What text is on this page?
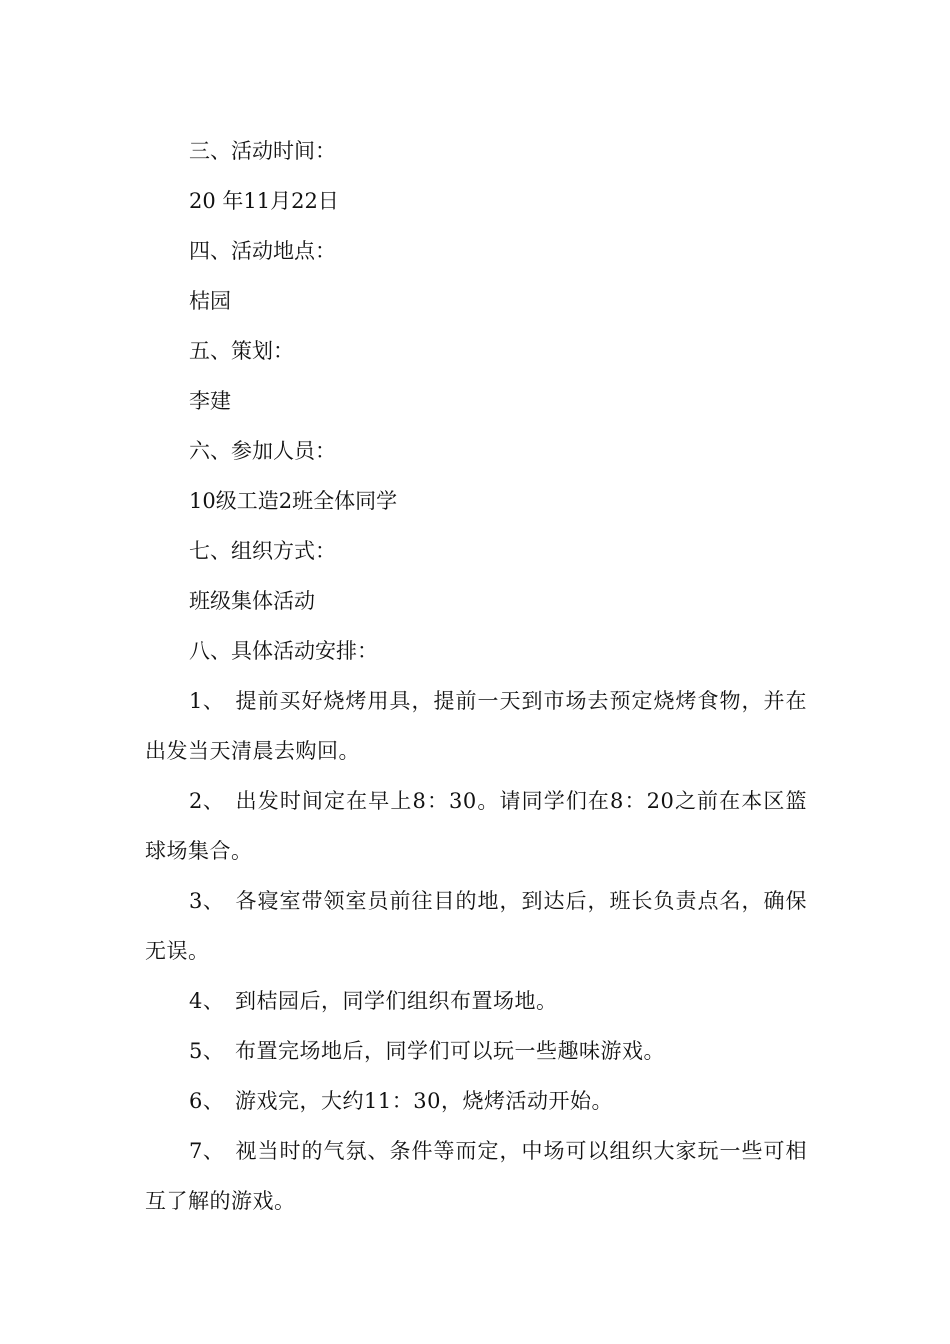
三、活动时间：
20 年11月22日
四、活动地点：
桔园
五、策划：
李建
六、参加人员：
10级工造2班全体同学
七、组织方式：
班级集体活动
八、具体活动安排：
1、 提前买好烧烤用具，提前一天到市场去预定烧烤食物，并在出发当天清晨去购回。
2、 出发时间定在早上8：30。请同学们在8：20之前在本区篮球场集合。
3、 各寝室带领室员前往目的地，到达后，班长负责点名，确保无误。
4、 到桔园后，同学们组织布置场地。
5、 布置完场地后，同学们可以玩一些趣味游戏。
6、 游戏完，大约11：30，烧烤活动开始。
7、 视当时的气氛、条件等而定，中场可以组织大家玩一些可相互了解的游戏。
